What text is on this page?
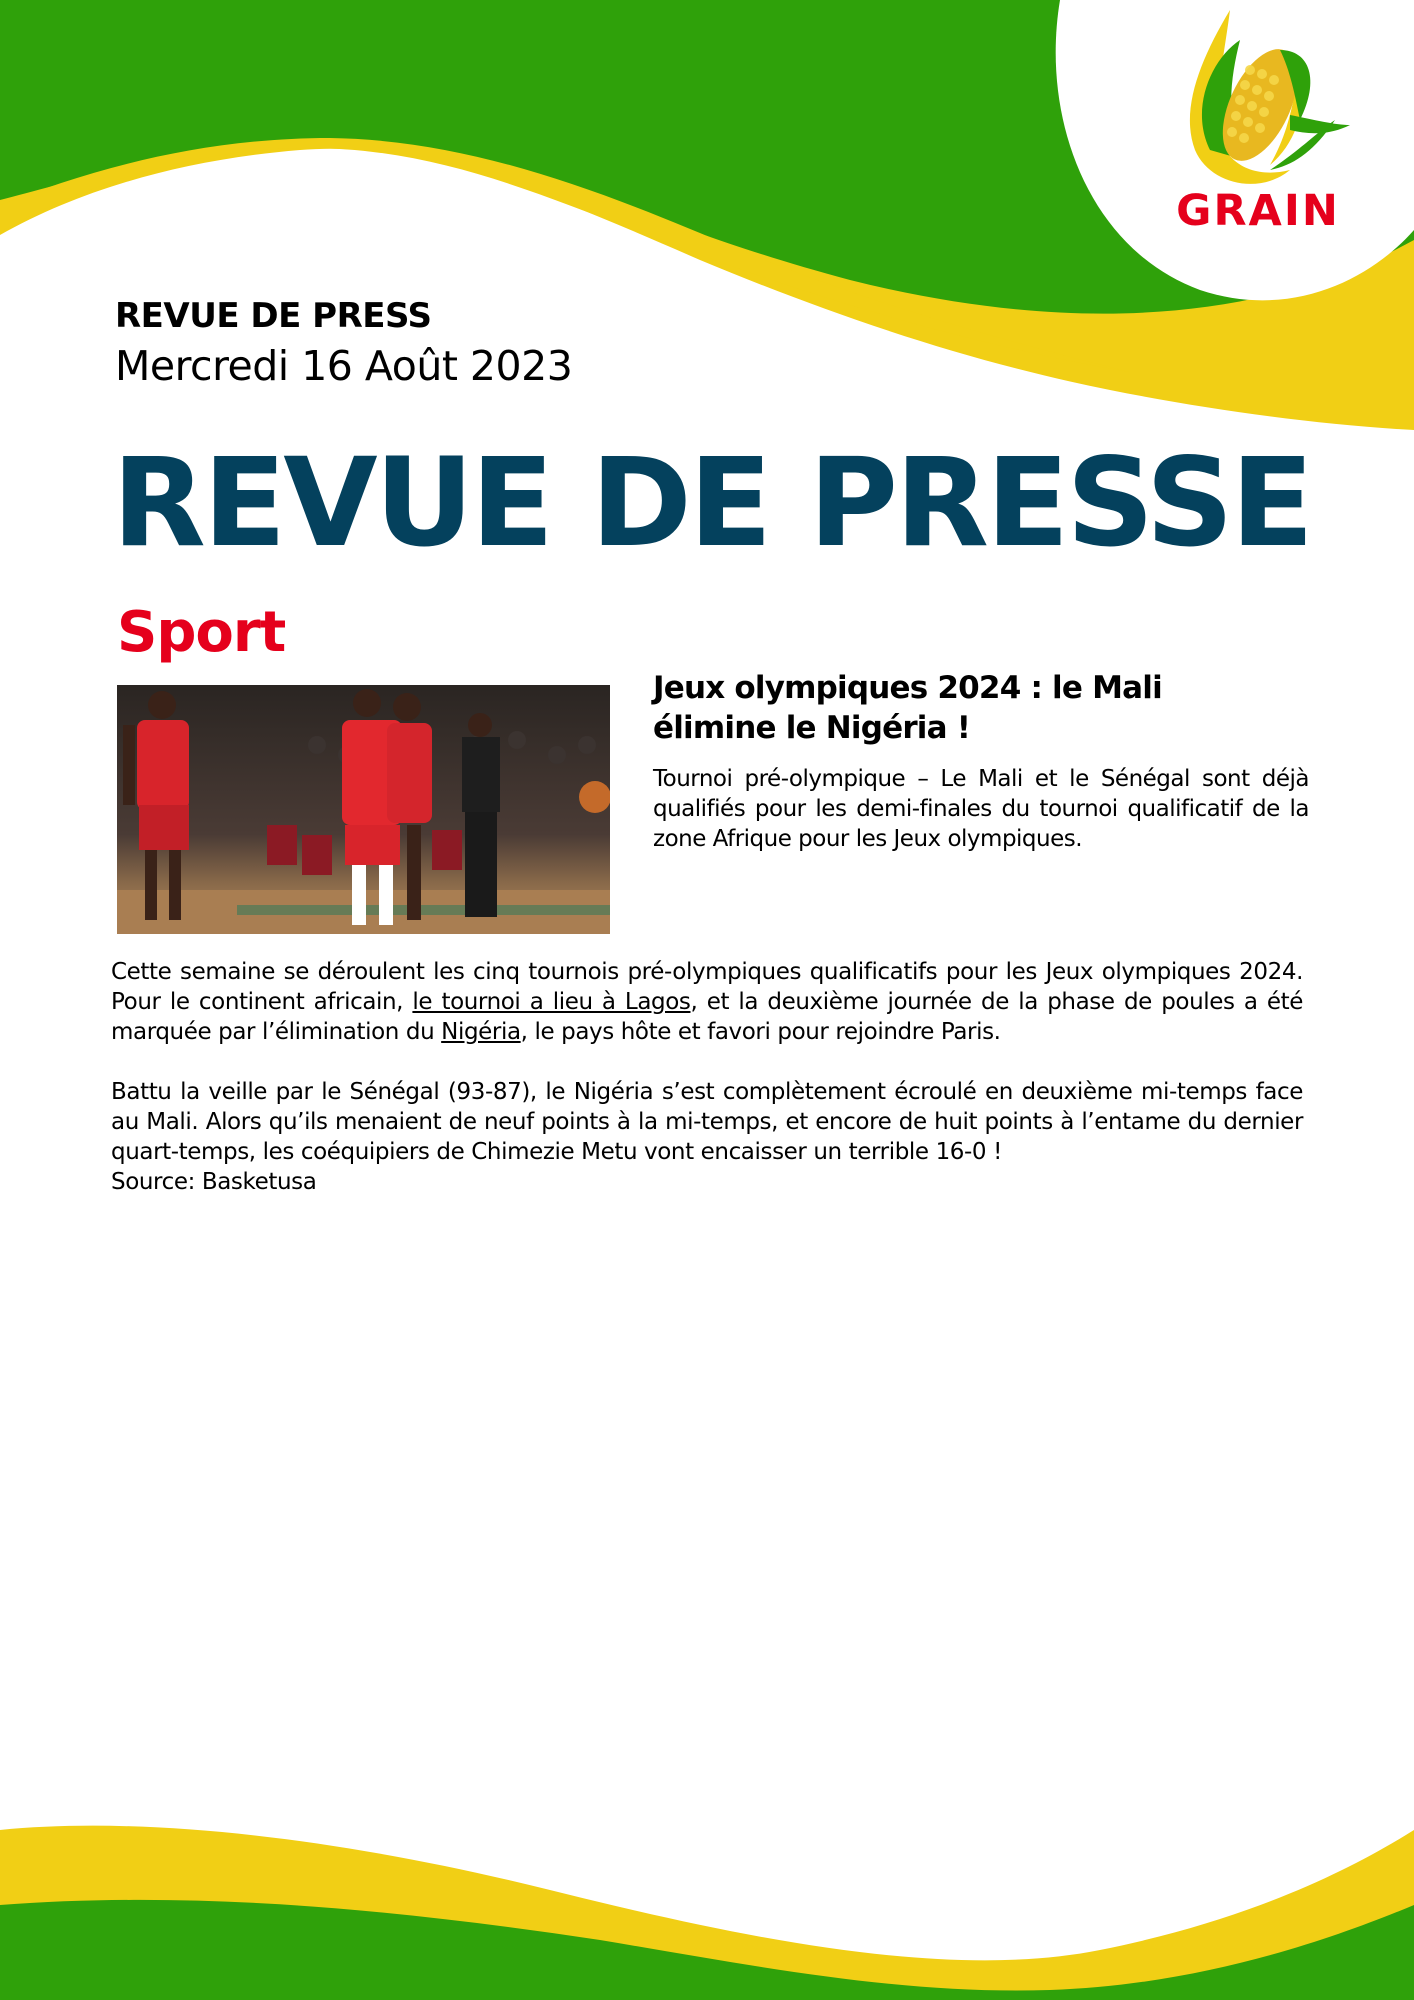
GRAIN
REVUE DE PRESS
Mercredi 16 Août 2023
REVUE DE PRESSE
Sport
Jeux olympiques 2024 : le Mali élimine le Nigéria !
Tournoi pré-olympique – Le Mali et le Sénégal sont déjà qualifiés pour les demi-finales du tournoi qualificatif de la zone Afrique pour les Jeux olympiques.

Cette semaine se déroulent les cinq tournois pré-olympiques qualificatifs pour les Jeux olympiques 2024. Pour le continent africain, le tournoi a lieu à Lagos, et la deuxième journée de la phase de poules a été marquée par l’élimination du Nigéria, le pays hôte et favori pour rejoindre Paris.

Battu la veille par le Sénégal (93-87), le Nigéria s’est complètement écroulé en deuxième mi-temps face au Mali. Alors qu’ils menaient de neuf points à la mi-temps, et encore de huit points à l’entame du dernier quart-temps, les coéquipiers de Chimezie Metu vont encaisser un terrible 16-0 !

Source: Basketusa
